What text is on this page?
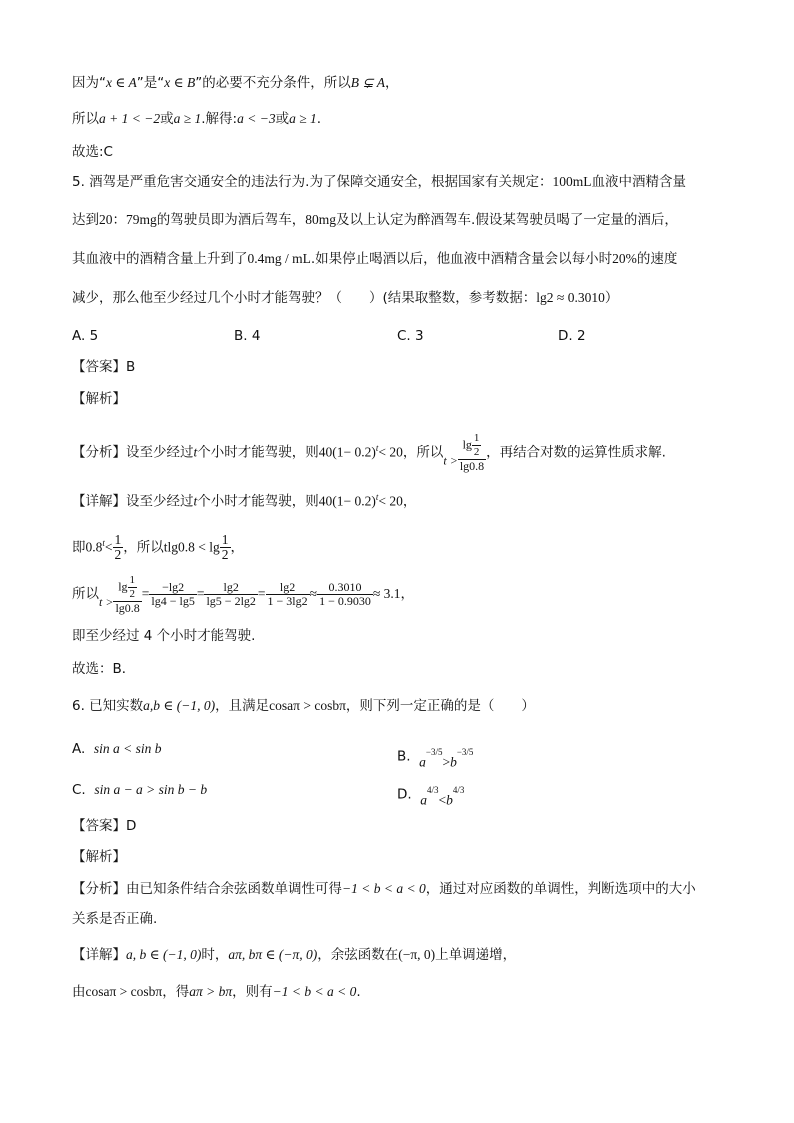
因为“x ∈ A”是“x ∈ B”的必要不充分条件，所以B ⊊ A，
所以a + 1 < −2或a ≥ 1.解得:a < −3或a ≥ 1.
故选:C
5. 酒驾是严重危害交通安全的违法行为.为了保障交通安全，根据国家有关规定：100mL血液中酒精含量
达到20：79mg的驾驶员即为酒后驾车，80mg及以上认定为醉酒驾车.假设某驾驶员喝了一定量的酒后，
其血液中的酒精含量上升到了0.4mg / mL.如果停止喝酒以后，他血液中酒精含量会以每小时20%的速度
减少，那么他至少经过几个小时才能驾驶？（　　）(结果取整数，参考数据：lg2 ≈ 0.3010）
A. 5	B. 4	C. 3	D. 2
【答案】B
【解析】
【分析】设至少经过t个小时才能驾驶，则$40(1- 0.2)^t< 20$，所以$t > \frac{\lg \frac{1}{2}}{\lg 0.8}$ ，再结合对数的运算性质求解.
【详解】设至少经过t个小时才能驾驶，则$40(1- 0.2)^t< 20$，
即$0.8^t< \frac{1}{2}$ ，所以$tlg0.8 < \lg \frac{1}{2}$ ，
所以$t > \frac{\lg \frac{1}{2}}{\lg 0.8} = \frac{-\lg 2}{\lg 4 - \lg 5} = \frac{\lg 2}{\lg 5 - 2\lg 2} = \frac{\lg 2}{1 - 3\lg 2} \approx \frac{0.3010}{1 - 0.9030} \approx 3.1$，
即至少经过 4 个小时才能驾驶.
故选：B．
6. 已知实数a,b ∈ (−1, 0)，且满足cosaπ > cosbπ，则下列一定正确的是（　　）
A. sin a < sin b	B. $a^{-3/5}>b^{-3/5}$
C. sin a − a > sin b − b	D. $a^{4/3}<b^{4/3}$
【答案】D
【解析】
【分析】由已知条件结合余弦函数单调性可得−1 < b < a < 0，通过对应函数的单调性，判断选项中的大小
关系是否正确.
【详解】a, b ∈ (−1, 0)时，aπ, bπ ∈ (−π, 0)，余弦函数在(−π, 0)上单调递增，
由cosaπ > cosbπ，得aπ > bπ，则有−1 < b < a < 0.
